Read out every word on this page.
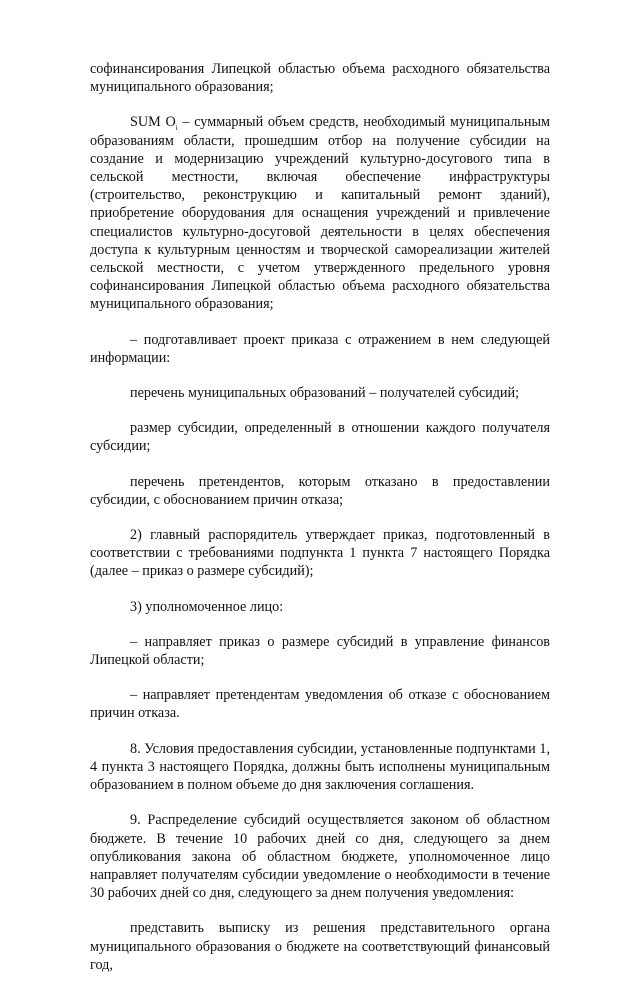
софинансирования Липецкой областью объема расходного обязательства муниципального образования;

SUM $O_i$ – суммарный объем средств, необходимый муниципальным образованиям области, прошедшим отбор на получение субсидии на создание и модернизацию учреждений культурно-досугового типа в сельской местности, включая обеспечение инфраструктуры (строительство, реконструкцию и капитальный ремонт зданий), приобретение оборудования для оснащения учреждений и привлечение специалистов культурно-досуговой деятельности в целях обеспечения доступа к культурным ценностям и творческой самореализации жителей сельской местности, с учетом утвержденного предельного уровня софинансирования Липецкой областью объема расходного обязательства муниципального образования;

– подготавливает проект приказа с отражением в нем следующей информации:

перечень муниципальных образований – получателей субсидий;

размер субсидии, определенный в отношении каждого получателя субсидии;

перечень претендентов, которым отказано в предоставлении субсидии, с обоснованием причин отказа;

2) главный распорядитель утверждает приказ, подготовленный в соответствии с требованиями подпункта 1 пункта 7 настоящего Порядка (далее – приказ о размере субсидий);

3) уполномоченное лицо:

– направляет приказ о размере субсидий в управление финансов Липецкой области;

– направляет претендентам уведомления об отказе с обоснованием причин отказа.

8. Условия предоставления субсидии, установленные подпунктами 1, 4 пункта 3 настоящего Порядка, должны быть исполнены муниципальным образованием в полном объеме до дня заключения соглашения.

9. Распределение субсидий осуществляется законом об областном бюджете. В течение 10 рабочих дней со дня, следующего за днем опубликования закона об областном бюджете, уполномоченное лицо направляет получателям субсидии уведомление о необходимости в течение 30 рабочих дней со дня, следующего за днем получения уведомления:

представить выписку из решения представительного органа муниципального образования о бюджете на соответствующий финансовый год,
